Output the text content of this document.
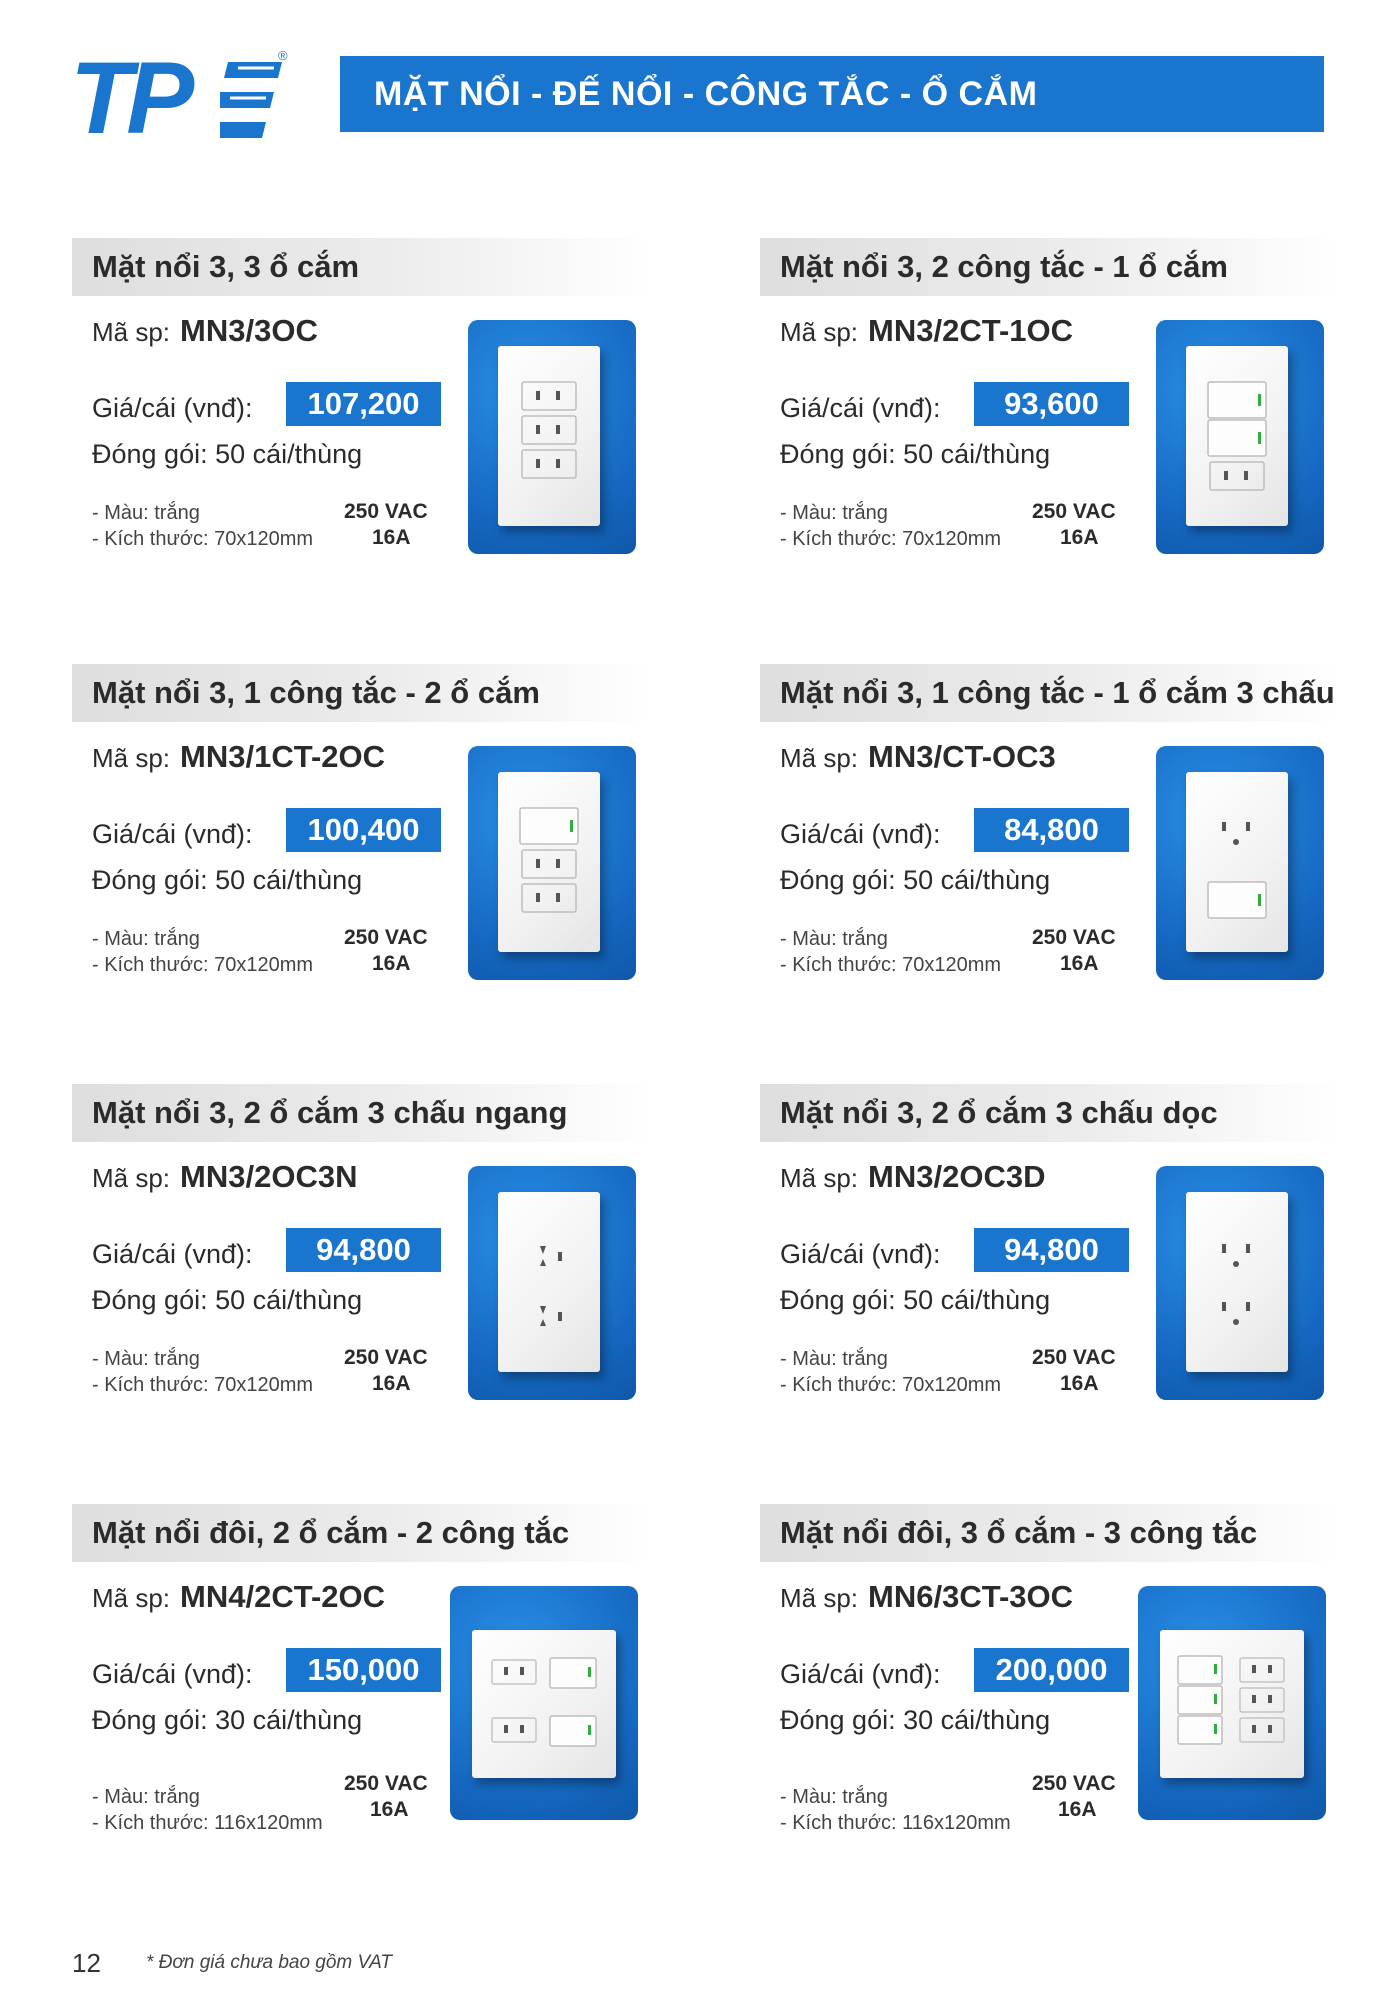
TP	®
MẶT NỔI - ĐẾ NỔI - CÔNG TẮC - Ổ CẮM
Mặt nổi 3, 3 ổ cắm
Mã sp: MN3/3OC
Giá/cái (vnđ):	107,200
Đóng gói: 50 cái/thùng
- Màu: trắng
- Kích thước: 70x120mm
250 VAC
16A
Mặt nổi 3, 2 công tắc - 1 ổ cắm
Mã sp: MN3/2CT-1OC
Giá/cái (vnđ):	93,600
Đóng gói: 50 cái/thùng
- Màu: trắng
- Kích thước: 70x120mm
250 VAC
16A
Mặt nổi 3, 1 công tắc - 2 ổ cắm
Mã sp: MN3/1CT-2OC
Giá/cái (vnđ):	100,400
Đóng gói: 50 cái/thùng
- Màu: trắng
- Kích thước: 70x120mm
250 VAC
16A
Mặt nổi 3, 1 công tắc - 1 ổ cắm 3 chấu
Mã sp: MN3/CT-OC3
Giá/cái (vnđ):	84,800
Đóng gói: 50 cái/thùng
- Màu: trắng
- Kích thước: 70x120mm
250 VAC
16A
Mặt nổi 3, 2 ổ cắm 3 chấu ngang
Mã sp: MN3/2OC3N
Giá/cái (vnđ):	94,800
Đóng gói: 50 cái/thùng
- Màu: trắng
- Kích thước: 70x120mm
250 VAC
16A
Mặt nổi 3, 2 ổ cắm 3 chấu dọc
Mã sp: MN3/2OC3D
Giá/cái (vnđ):	94,800
Đóng gói: 50 cái/thùng
- Màu: trắng
- Kích thước: 70x120mm
250 VAC
16A
Mặt nổi đôi, 2 ổ cắm - 2 công tắc
Mã sp: MN4/2CT-2OC
Giá/cái (vnđ):	150,000
Đóng gói: 30 cái/thùng
- Màu: trắng
- Kích thước: 116x120mm
250 VAC
16A
Mặt nổi đôi, 3 ổ cắm - 3 công tắc
Mã sp: MN6/3CT-3OC
Giá/cái (vnđ):	200,000
Đóng gói: 30 cái/thùng
- Màu: trắng
- Kích thước: 116x120mm
250 VAC
16A
12 * Đơn giá chưa bao gồm VAT
